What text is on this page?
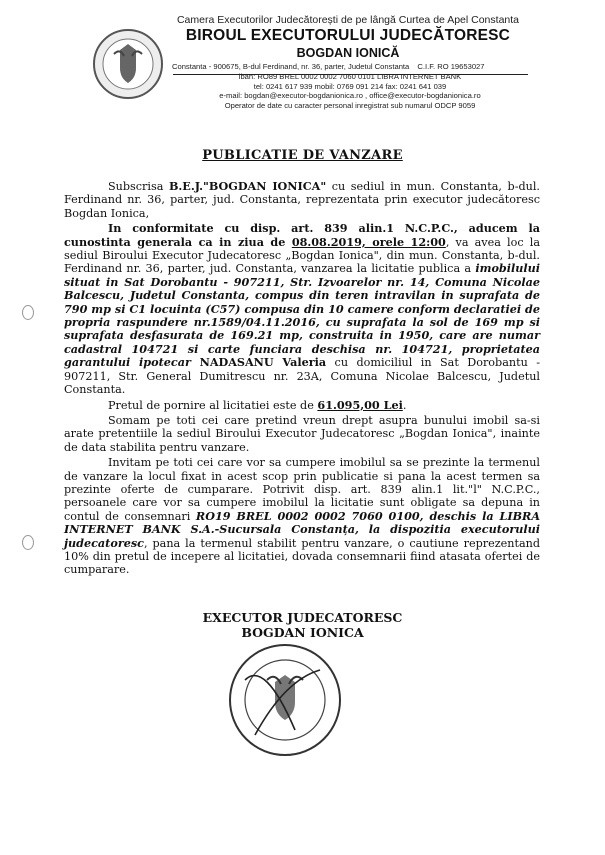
Camera Executorilor Judecătorești de pe lângă Curtea de Apel Constanta
BIROUL EXECUTORULUI JUDECĂTORESC
BOGDAN IONICĂ
Constanta - 900675, B-dul Ferdinand, nr. 36, parter, Judetul Constanta C.I.F. RO 19653027
iban: RO89 BREL 0002 0002 7060 0101 LIBRA INTERNET BANK
tel: 0241 617 939 mobil: 0769 091 214 fax: 0241 641 039
e-mail: bogdan@executor-bogdanionica.ro , office@executor-bogdanionica.ro
Operator de date cu caracter personal inregistrat sub numarul ODCP 9059
PUBLICATIE DE VANZARE

Subscrisa B.E.J."BOGDAN IONICA" cu sediul in mun. Constanta, b-dul. Ferdinand nr. 36, parter, jud. Constanta, reprezentata prin executor judecătoresc Bogdan Ionica,

In conformitate cu disp. art. 839 alin.1 N.C.P.C., aducem la cunostinta generala ca in ziua de 08.08.2019, orele 12:00, va avea loc la sediul Biroului Executor Judecatoresc „Bogdan Ionica", din mun. Constanta, b-dul. Ferdinand nr. 36, parter, jud. Constanta, vanzarea la licitatie publica a imobilului situat in Sat Dorobantu - 907211, Str. Izvoarelor nr. 14, Comuna Nicolae Balcescu, Judetul Constanta, compus din teren intravilan in suprafata de 790 mp si C1 locuinta (C57) compusa din 10 camere conform declaratiei de propria raspundere nr.1589/04.11.2016, cu suprafata la sol de 169 mp si suprafata desfasurata de 169.21 mp, construita in 1950, care are numar cadastral 104721 si carte funciara deschisa nr. 104721, proprietatea garantului ipotecar NADASANU Valeria cu domiciliul in Sat Dorobantu - 907211, Str. General Dumitrescu nr. 23A, Comuna Nicolae Balcescu, Judetul Constanta.

Pretul de pornire al licitatiei este de 61.095,00 Lei.

Somam pe toti cei care pretind vreun drept asupra bunului imobil sa-si arate pretentiile la sediul Biroului Executor Judecatoresc „Bogdan Ionica", inainte de data stabilita pentru vanzare.

Invitam pe toti cei care vor sa cumpere imobilul sa se prezinte la termenul de vanzare la locul fixat in acest scop prin publicatie si pana la acest termen sa prezinte oferte de cumparare. Potrivit disp. art. 839 alin.1 lit."l" N.C.P.C., persoanele care vor sa cumpere imobilul la licitatie sunt obligate sa depuna in contul de consemnari RO19 BREL 0002 0002 7060 0100, deschis la LIBRA INTERNET BANK S.A.-Sucursala Constanța, la dispozitia executorului judecatoresc, pana la termenul stabilit pentru vanzare, o cautiune reprezentand 10% din pretul de incepere al licitatiei, dovada consemnarii fiind atasata ofertei de cumparare.

EXECUTOR JUDECATORESC
BOGDAN IONICA
